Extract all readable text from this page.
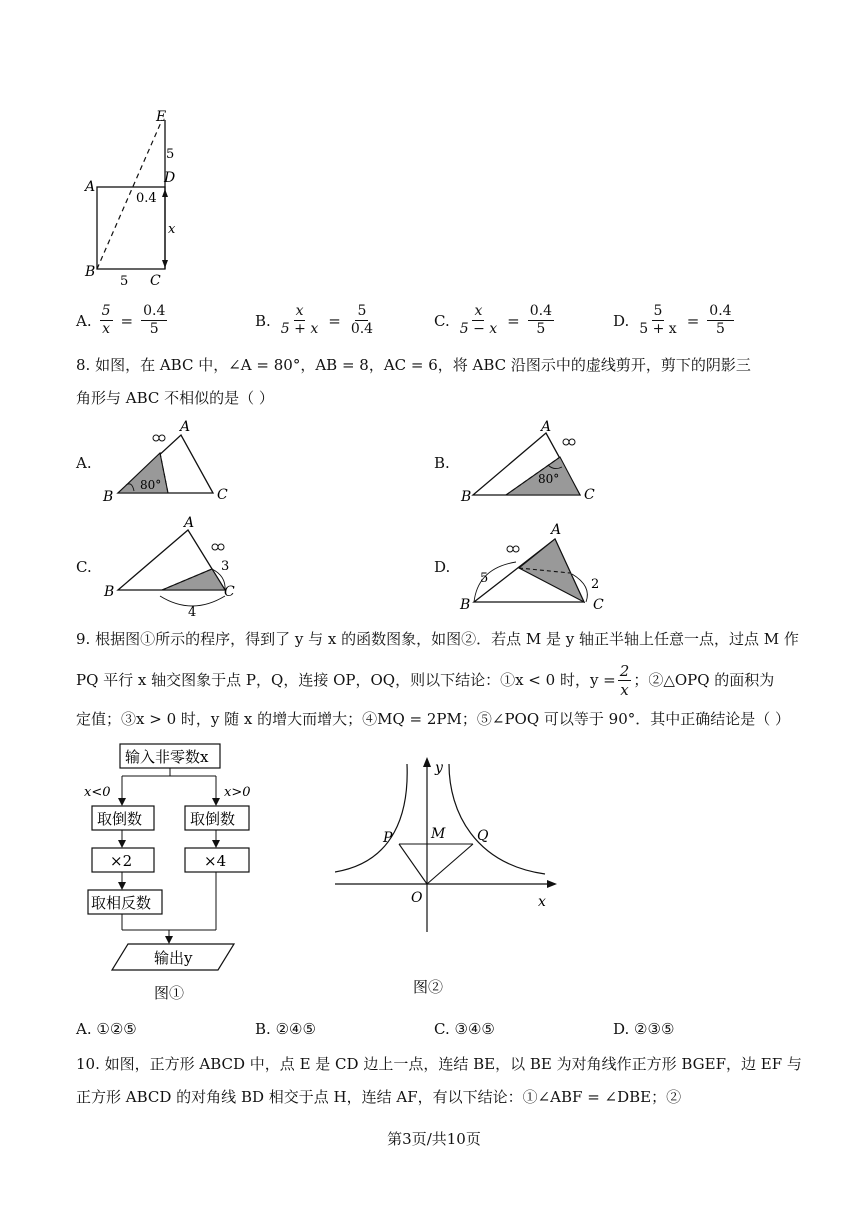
E
D
A
B
C
5
0.4
x
5
A. $\frac{5}{x} = \frac{0.4}{5}$	B. $\frac{x}{5 + x} = \frac{5}{0.4}$	C. $\frac{x}{5 - x} = \frac{0.4}{5}$	D. $\frac{5}{5 + x} = \frac{0.4}{5}$
8. 如图，在 ABC 中，∠A = 80°，AB = 8，AC = 6，将 ABC 沿图示中的虚线剪开，剪下的阴影三
角形与 ABC 不相似的是（ ）
A.
80°
A
B	C
B.
80°
A
B	C
C.	3
4
A
B	C
D.
5	2
A
B	C
9. 根据图①所示的程序，得到了 y 与 x 的函数图象，如图②．若点 M 是 y 轴正半轴上任意一点，过点 M 作
PQ 平行 x 轴交图象于点 P，Q，连接 OP，OQ，则以下结论：①x < 0 时，$y = \frac{2}{x}$ ；②△OPQ 的面积为
定值；③x > 0 时，y 随 x 的增大而增大；④MQ = 2PM；⑤∠POQ 可以等于 90°．其中正确结论是（ ）
输入非零数x
x<0	x>0
取倒数	取倒数
×2	×4
取相反数
输出y
图①
y
x
P	M Q
O
图②
A. ①②⑤	B. ②④⑤	C. ③④⑤	D. ②③⑤
10. 如图，正方形 ABCD 中，点 E 是 CD 边上一点，连结 BE，以 BE 为对角线作正方形 BGEF，边 EF 与
正方形 ABCD 的对角线 BD 相交于点 H，连结 AF，有以下结论：①∠ABF = ∠DBE；②
第3页/共10页
